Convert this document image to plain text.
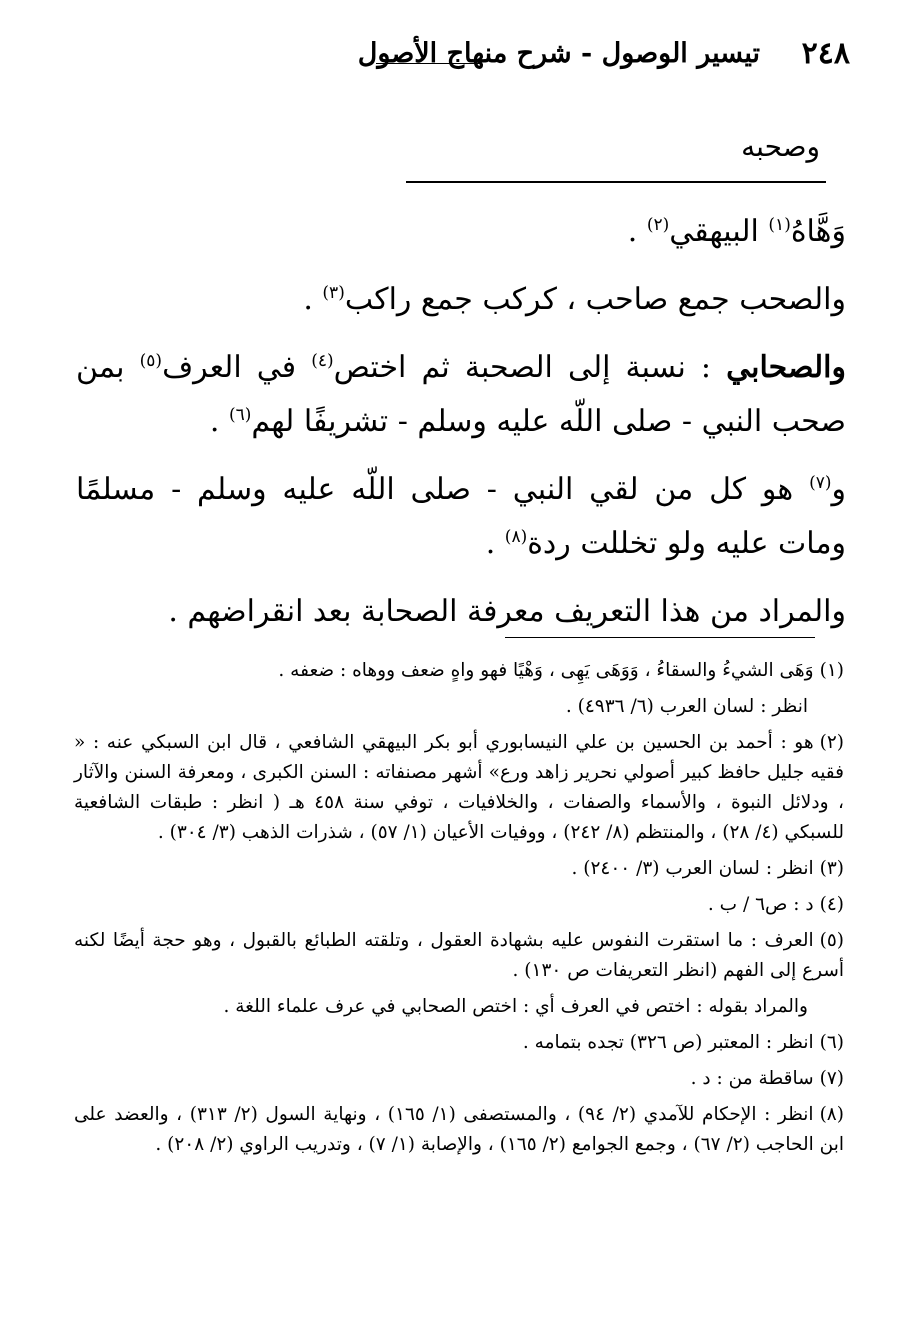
٢٤٨
تيسير الوصول - شرح منهاج الأصول
وصحبه

وَهَّاهُ$^{(١)}$ البيهقي$^{(٢)}$ .

والصحب جمع صاحب ، كركب جمع راكب$^{(٣)}$ .

والصحابي : نسبة إلى الصحبة ثم اختص$^{(٤)}$ في العرف$^{(٥)}$ بمن صحب النبي - صلى اللّه عليه وسلم - تشريفًا لهم$^{(٦)}$ .

و$^{(٧)}$ هو كل من لقي النبي - صلى اللّه عليه وسلم - مسلمًا ومات عليه ولو تخللت ردة$^{(٨)}$ .

والمراد من هذا التعريف معرفة الصحابة بعد انقراضهم .

(١)وَهَى الشيءُ والسقاءُ ، وَوَهَى يَهِى ، وَهْيًا فهو واهٍ ضعف ووهاه : ضعفه .

انظر : لسان العرب (٦/ ٤٩٣٦) .

(٢)هو : أحمد بن الحسين بن علي النيسابوري أبو بكر البيهقي الشافعي ، قال ابن السبكي عنه : « فقيه جليل حافظ كبير أصولي نحرير زاهد ورع» أشهر مصنفاته : السنن الكبرى ، ومعرفة السنن والآثار ، ودلائل النبوة ، والأسماء والصفات ، والخلافيات ، توفي سنة ٤٥٨ هـ ( انظر : طبقات الشافعية للسبكي (٤/ ٢٨) ، والمنتظم (٨/ ٢٤٢) ، ووفيات الأعيان (١/ ٥٧) ، شذرات الذهب (٣/ ٣٠٤) .

(٣)انظر : لسان العرب (٣/ ٢٤٠٠) .

(٤)د : ص٦ / ب .

(٥)العرف : ما استقرت النفوس عليه بشهادة العقول ، وتلقته الطبائع بالقبول ، وهو حجة أيضًا لكنه أسرع إلى الفهم (انظر التعريفات ص ١٣٠) .

والمراد بقوله : اختص في العرف أي : اختص الصحابي في عرف علماء اللغة .

(٦)انظر : المعتبر (ص ٣٢٦) تجده بتمامه .

(٧)ساقطة من : د .

(٨)انظر : الإحكام للآمدي (٢/ ٩٤) ، والمستصفى (١/ ١٦٥) ، ونهاية السول (٢/ ٣١٣) ، والعضد على ابن الحاجب (٢/ ٦٧) ، وجمع الجوامع (٢/ ١٦٥) ، والإصابة (١/ ٧) ، وتدريب الراوي (٢/ ٢٠٨) .
